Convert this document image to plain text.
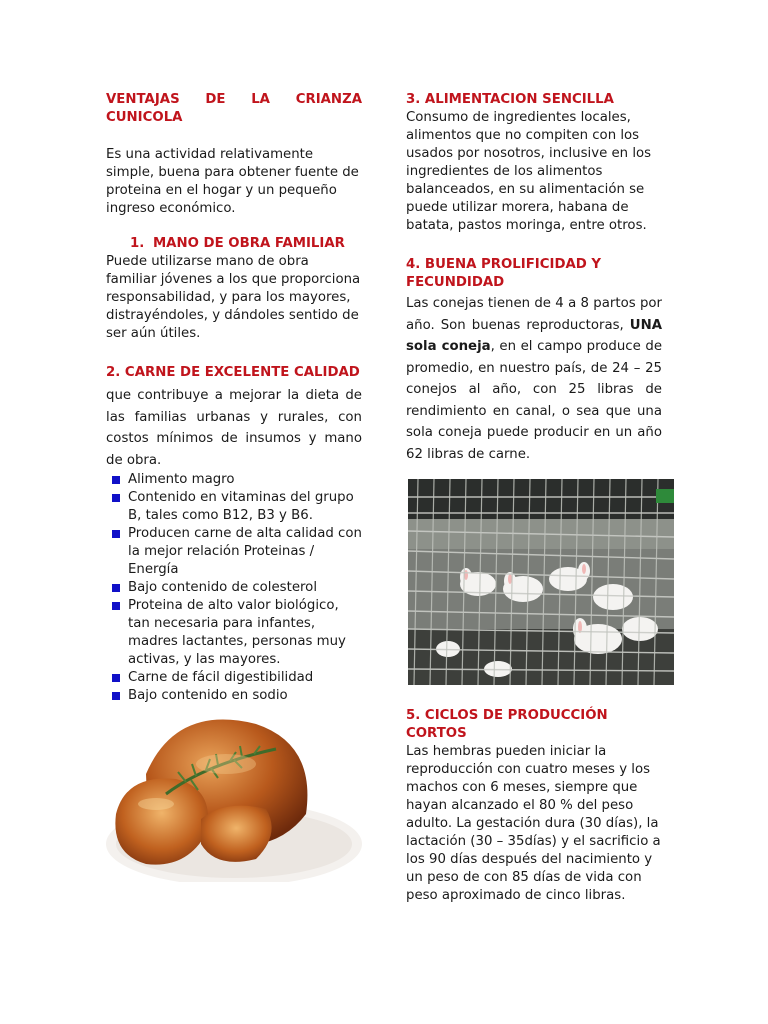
VENTAJAS DE LA CRIANZA CUNICOLA

Es una actividad relativamente simple, buena para obtener fuente de proteina en el hogar y un pequeño ingreso económico.

1. MANO DE OBRA FAMILIAR

Puede utilizarse mano de obra familiar jóvenes a los que proporciona responsabilidad, y para los mayores, distrayéndoles, y dándoles sentido de ser aún útiles.

2. CARNE DE EXCELENTE CALIDAD

que contribuye a mejorar la dieta de las familias urbanas y rurales, con costos mínimos de insumos y mano de obra.

Alimento magro
Contenido en vitaminas del grupo B, tales como B12, B3 y B6.
Producen carne de alta calidad con la mejor relación Proteinas / Energía
Bajo contenido de colesterol
Proteina de alto valor biológico, tan necesaria para infantes, madres lactantes, personas muy activas, y las mayores.
Carne de fácil digestibilidad
Bajo contenido en sodio
3. ALIMENTACION SENCILLA

Consumo de ingredientes locales, alimentos que no compiten con los usados por nosotros, inclusive en los ingredientes de los alimentos balanceados, en su alimentación se puede utilizar morera, habana de batata, pastos moringa, entre otros.

4. BUENA PROLIFICIDAD Y FECUNDIDAD

Las conejas tienen de 4 a 8 partos por año. Son buenas reproductoras, UNA sola coneja, en el campo produce de promedio, en nuestro país, de 24 – 25 conejos al año, con 25 libras de rendimiento en canal, o sea que una sola coneja puede producir en un año 62 libras de carne.

5. CICLOS DE PRODUCCIÓN CORTOS

Las hembras pueden iniciar la reproducción con cuatro meses y los machos con 6 meses, siempre que hayan alcanzado el 80 % del peso adulto. La gestación dura (30 días), la lactación (30 – 35días) y el sacrificio a los 90 días después del nacimiento y un peso de con 85 días de vida con peso aproximado de cinco libras.
